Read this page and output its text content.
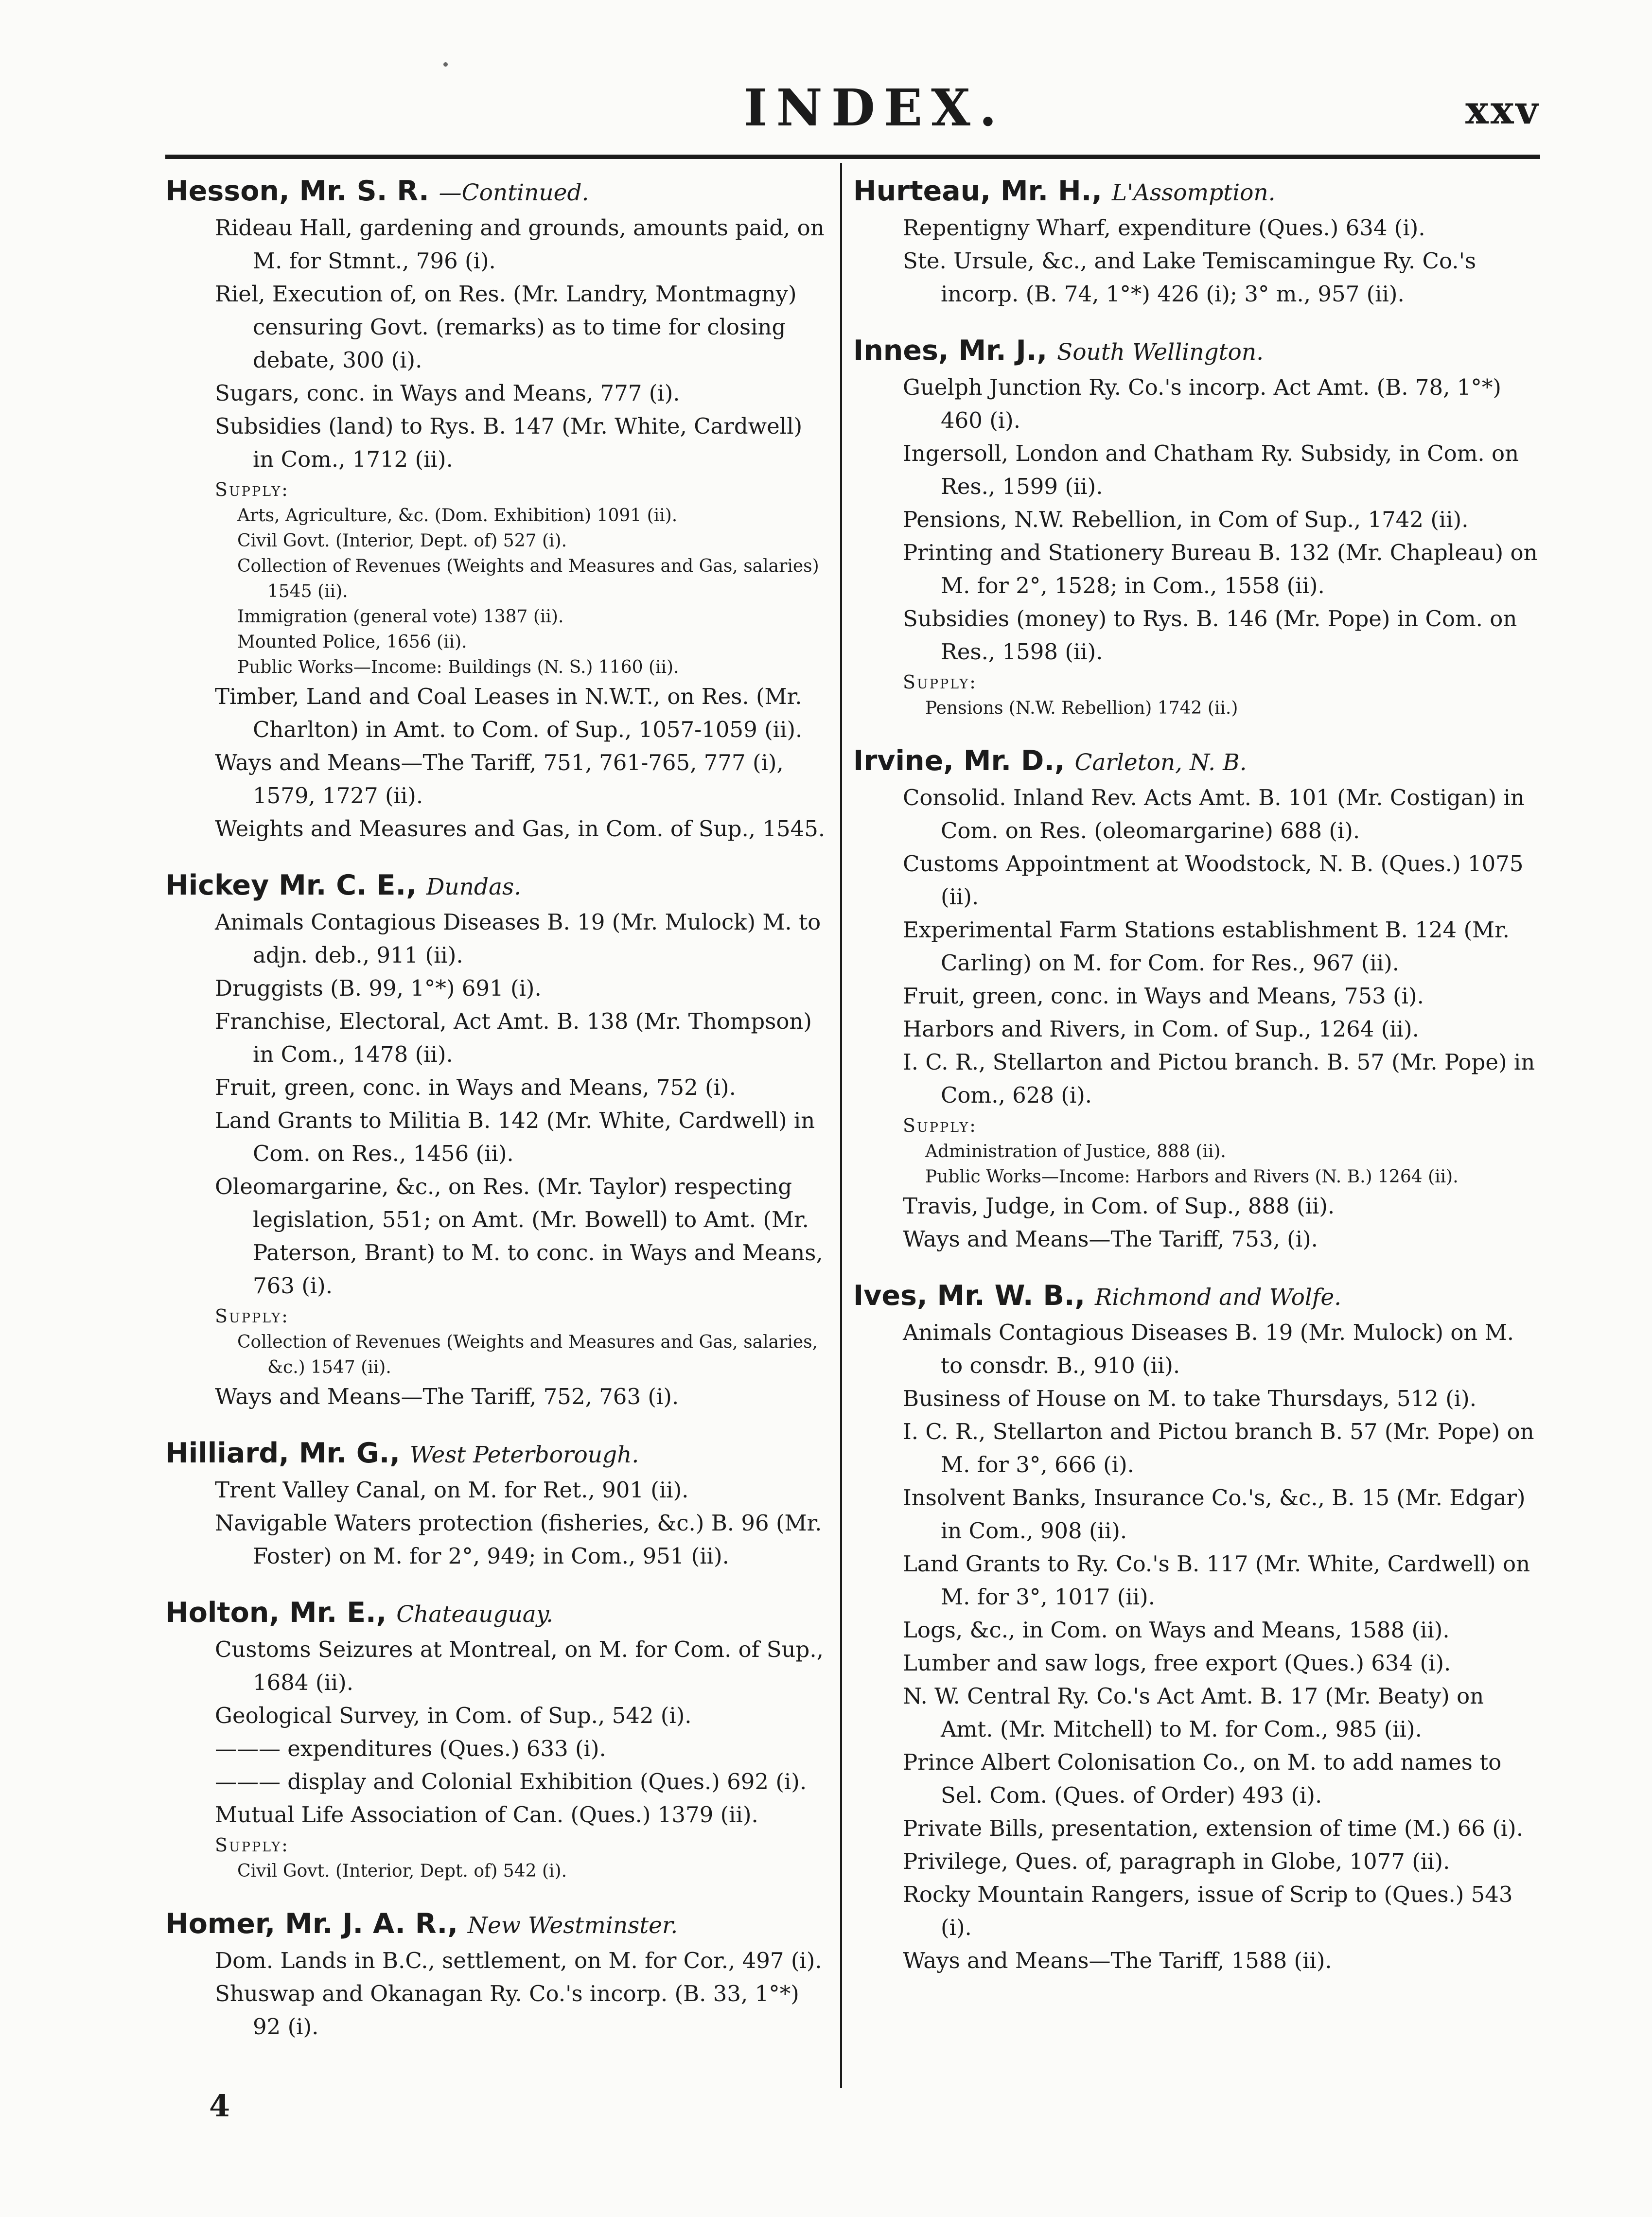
INDEX.	xxv
Hesson, Mr. S. R. —Continued.
Rideau Hall, gardening and grounds, amounts paid, on M. for Stmnt., 796 (i).
Riel, Execution of, on Res. (Mr. Landry, Montmagny) censuring Govt. (remarks) as to time for closing debate, 300 (i).
Sugars, conc. in Ways and Means, 777 (i).
Subsidies (land) to Rys. B. 147 (Mr. White, Cardwell) in Com., 1712 (ii).
Supply:
Arts, Agriculture, &c. (Dom. Exhibition) 1091 (ii).
Civil Govt. (Interior, Dept. of) 527 (i).
Collection of Revenues (Weights and Measures and Gas, salaries) 1545 (ii).
Immigration (general vote) 1387 (ii).
Mounted Police, 1656 (ii).
Public Works—Income: Buildings (N. S.) 1160 (ii).
Timber, Land and Coal Leases in N.W.T., on Res. (Mr. Charlton) in Amt. to Com. of Sup., 1057-1059 (ii).
Ways and Means—The Tariff, 751, 761-765, 777 (i), 1579, 1727 (ii).
Weights and Measures and Gas, in Com. of Sup., 1545.
Hickey Mr. C. E., Dundas.
Animals Contagious Diseases B. 19 (Mr. Mulock) M. to adjn. deb., 911 (ii).
Druggists (B. 99, 1°*) 691 (i).
Franchise, Electoral, Act Amt. B. 138 (Mr. Thompson) in Com., 1478 (ii).
Fruit, green, conc. in Ways and Means, 752 (i).
Land Grants to Militia B. 142 (Mr. White, Cardwell) in Com. on Res., 1456 (ii).
Oleomargarine, &c., on Res. (Mr. Taylor) respecting legislation, 551; on Amt. (Mr. Bowell) to Amt. (Mr. Paterson, Brant) to M. to conc. in Ways and Means, 763 (i).
Supply:
Collection of Revenues (Weights and Measures and Gas, salaries, &c.) 1547 (ii).
Ways and Means—The Tariff, 752, 763 (i).
Hilliard, Mr. G., West Peterborough.
Trent Valley Canal, on M. for Ret., 901 (ii).
Navigable Waters protection (fisheries, &c.) B. 96 (Mr. Foster) on M. for 2°, 949; in Com., 951 (ii).
Holton, Mr. E., Chateauguay.
Customs Seizures at Montreal, on M. for Com. of Sup., 1684 (ii).
Geological Survey, in Com. of Sup., 542 (i).
——— expenditures (Ques.) 633 (i).
——— display and Colonial Exhibition (Ques.) 692 (i).
Mutual Life Association of Can. (Ques.) 1379 (ii).
Supply:
Civil Govt. (Interior, Dept. of) 542 (i).
Homer, Mr. J. A. R., New Westminster.
Dom. Lands in B.C., settlement, on M. for Cor., 497 (i).
Shuswap and Okanagan Ry. Co.'s incorp. (B. 33, 1°*) 92 (i).
Hurteau, Mr. H., L'Assomption.
Repentigny Wharf, expenditure (Ques.) 634 (i).
Ste. Ursule, &c., and Lake Temiscamingue Ry. Co.'s incorp. (B. 74, 1°*) 426 (i); 3° m., 957 (ii).
Innes, Mr. J., South Wellington.
Guelph Junction Ry. Co.'s incorp. Act Amt. (B. 78, 1°*) 460 (i).
Ingersoll, London and Chatham Ry. Subsidy, in Com. on Res., 1599 (ii).
Pensions, N.W. Rebellion, in Com of Sup., 1742 (ii).
Printing and Stationery Bureau B. 132 (Mr. Chapleau) on M. for 2°, 1528; in Com., 1558 (ii).
Subsidies (money) to Rys. B. 146 (Mr. Pope) in Com. on Res., 1598 (ii).
Supply:
Pensions (N.W. Rebellion) 1742 (ii.)
Irvine, Mr. D., Carleton, N. B.
Consolid. Inland Rev. Acts Amt. B. 101 (Mr. Costigan) in Com. on Res. (oleomargarine) 688 (i).
Customs Appointment at Woodstock, N. B. (Ques.) 1075 (ii).
Experimental Farm Stations establishment B. 124 (Mr. Carling) on M. for Com. for Res., 967 (ii).
Fruit, green, conc. in Ways and Means, 753 (i).
Harbors and Rivers, in Com. of Sup., 1264 (ii).
I. C. R., Stellarton and Pictou branch. B. 57 (Mr. Pope) in Com., 628 (i).
Supply:
Administration of Justice, 888 (ii).
Public Works—Income: Harbors and Rivers (N. B.) 1264 (ii).
Travis, Judge, in Com. of Sup., 888 (ii).
Ways and Means—The Tariff, 753, (i).
Ives, Mr. W. B., Richmond and Wolfe.
Animals Contagious Diseases B. 19 (Mr. Mulock) on M. to consdr. B., 910 (ii).
Business of House on M. to take Thursdays, 512 (i).
I. C. R., Stellarton and Pictou branch B. 57 (Mr. Pope) on M. for 3°, 666 (i).
Insolvent Banks, Insurance Co.'s, &c., B. 15 (Mr. Edgar) in Com., 908 (ii).
Land Grants to Ry. Co.'s B. 117 (Mr. White, Cardwell) on M. for 3°, 1017 (ii).
Logs, &c., in Com. on Ways and Means, 1588 (ii).
Lumber and saw logs, free export (Ques.) 634 (i).
N. W. Central Ry. Co.'s Act Amt. B. 17 (Mr. Beaty) on Amt. (Mr. Mitchell) to M. for Com., 985 (ii).
Prince Albert Colonisation Co., on M. to add names to Sel. Com. (Ques. of Order) 493 (i).
Private Bills, presentation, extension of time (M.) 66 (i).
Privilege, Ques. of, paragraph in Globe, 1077 (ii).
Rocky Mountain Rangers, issue of Scrip to (Ques.) 543 (i).
Ways and Means—The Tariff, 1588 (ii).
4
